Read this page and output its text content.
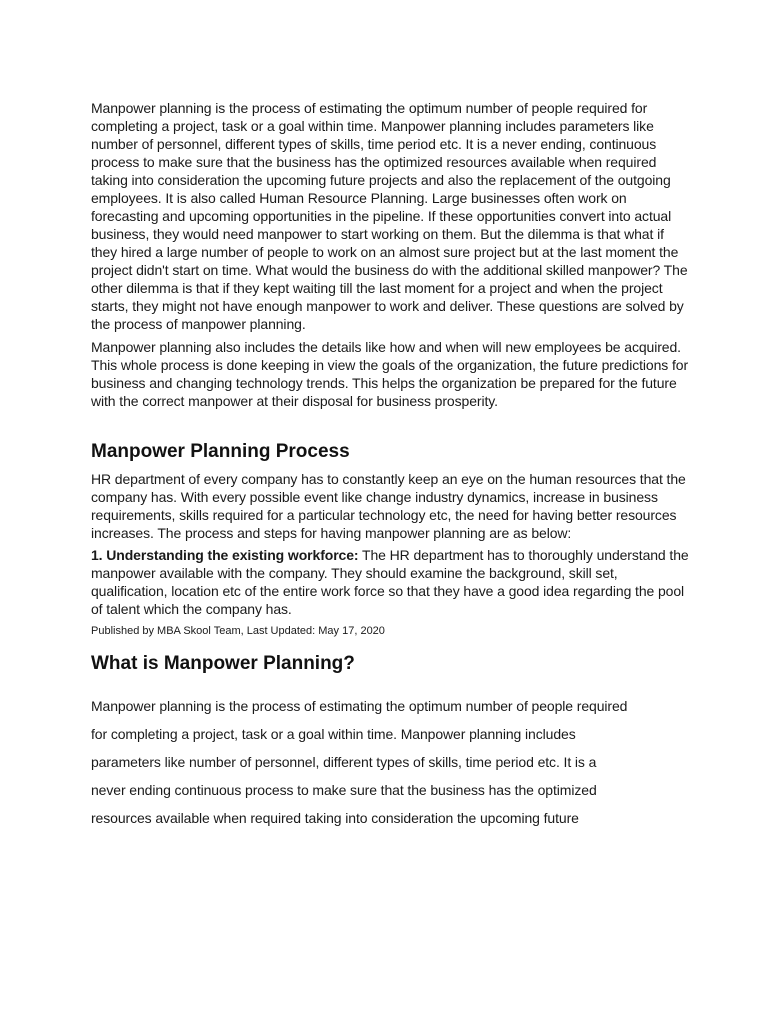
Manpower planning is the process of estimating the optimum number of people required for completing a project, task or a goal within time. Manpower planning includes parameters like number of personnel, different types of skills, time period etc. It is a never ending, continuous process to make sure that the business has the optimized resources available when required taking into consideration the upcoming future projects and also the replacement of the outgoing employees. It is also called Human Resource Planning. Large businesses often work on forecasting and upcoming opportunities in the pipeline. If these opportunities convert into actual business, they would need manpower to start working on them. But the dilemma is that what if they hired a large number of people to work on an almost sure project but at the last moment the project didn't start on time. What would the business do with the additional skilled manpower? The other dilemma is that if they kept waiting till the last moment for a project and when the project starts, they might not have enough manpower to work and deliver. These questions are solved by the process of manpower planning.

Manpower planning also includes the details like how and when will new employees be acquired. This whole process is done keeping in view the goals of the organization, the future predictions for business and changing technology trends. This helps the organization be prepared for the future with the correct manpower at their disposal for business prosperity.

Manpower Planning Process

HR department of every company has to constantly keep an eye on the human resources that the company has. With every possible event like change industry dynamics, increase in business requirements, skills required for a particular technology etc, the need for having better resources increases. The process and steps for having manpower planning are as below:

1. Understanding the existing workforce: The HR department has to thoroughly understand the manpower available with the company. They should examine the background, skill set, qualification, location etc of the entire work force so that they have a good idea regarding the pool of talent which the company has.

Published by MBA Skool Team, Last Updated: May 17, 2020

What is Manpower Planning?
Manpower planning is the process of estimating the optimum number of people required
for completing a project, task or a goal within time. Manpower planning includes
parameters like number of personnel, different types of skills, time period etc. It is a
never ending continuous process to make sure that the business has the optimized
resources available when required taking into consideration the upcoming future
